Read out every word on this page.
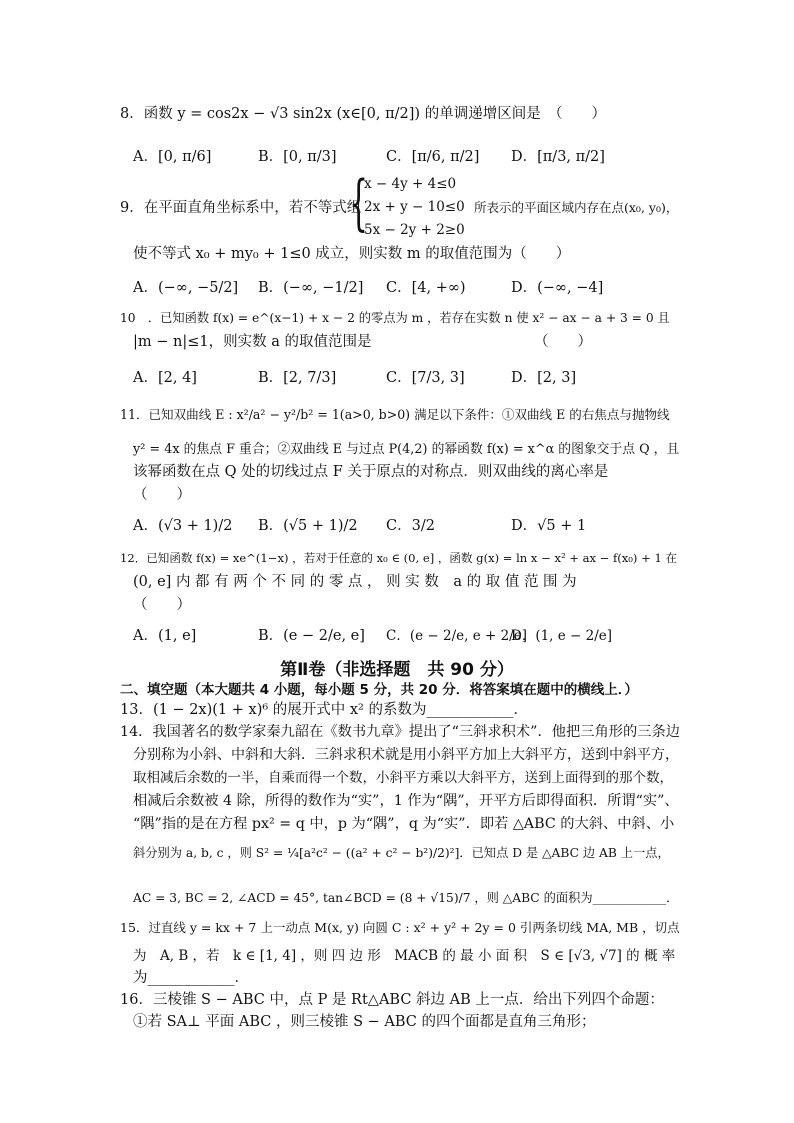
8．函数 y = cos2x − √3 sin2x (x∈[0, π/2]) 的单调递增区间是 （　　）
A．[0, π/6]	B．[0, π/3]	C．[π/6, π/2] D．[π/3, π/2]
9．在平面直角坐标系中，若不等式组
{
x − 4y + 4≤0
2x + y − 10≤0
5x − 2y + 2≥0
所表示的平面区域内存在点(x₀, y₀)，
使不等式 x₀ + my₀ + 1≤0 成立，则实数 m 的取值范围为（　　）
A．(−∞, −5/2] B．(−∞, −1/2] C．[4, +∞)	D．(−∞, −4]
10　．已知函数 f(x) = e^(x−1) + x − 2 的零点为 m ，若存在实数 n 使 x² − ax − a + 3 = 0 且
|m − n|≤1，则实数 a 的取值范围是	（　　）
A．[2, 4]	B．[2, 7/3]	C．[7/3, 3]	D．[2, 3]
11．已知双曲线 E : x²/a² − y²/b² = 1(a>0, b>0) 满足以下条件：①双曲线 E 的右焦点与抛物线
y² = 4x 的焦点 F 重合；②双曲线 E 与过点 P(4,2) 的幂函数 f(x) = x^α 的图象交于点 Q ，且
该幂函数在点 Q 处的切线过点 F 关于原点的对称点．则双曲线的离心率是
（　　）
A．(√3 + 1)/2 B．(√5 + 1)/2 C．3/2	D．√5 + 1
12．已知函数 f(x) = xe^(1−x) ，若对于任意的 x₀ ∈ (0, e] ，函数 g(x) = ln x − x² + ax − f(x₀) + 1 在
(0, e] 内 都 有 两 个 不 同 的 零 点 ， 则 实 数　a 的 取 值 范 围 为
（　　）
A．(1, e]	B．(e − 2/e, e] C．(e − 2/e, e + 2/e]
D．(1, e − 2/e]
第Ⅱ卷（非选择题　共 90 分）
二、填空题（本大题共 4 小题，每小题 5 分，共 20 分．将答案填在题中的横线上．）
13．(1 − 2x)(1 + x)⁶ 的展开式中 x² 的系数为____________．
14．我国著名的数学家秦九韶在《数书九章》提出了“三斜求积术”．他把三角形的三条边
分别称为小斜、中斜和大斜．三斜求积术就是用小斜平方加上大斜平方，送到中斜平方，
取相减后余数的一半，自乘而得一个数，小斜平方乘以大斜平方，送到上面得到的那个数，
相减后余数被 4 除，所得的数作为“实”，1 作为“隅”，开平方后即得面积．所谓“实”、
“隅”指的是在方程 px² = q 中，p 为“隅”，q 为“实”．即若 △ABC 的大斜、中斜、小
斜分别为 a, b, c ，则 S² = ¼[a²c² − ((a² + c² − b²)/2)²]．已知点 D 是 △ABC 边 AB 上一点，
AC = 3, BC = 2, ∠ACD = 45°, tan∠BCD = (8 + √15)/7 ，则 △ABC 的面积为____________．
15．过直线 y = kx + 7 上一动点 M(x, y) 向圆 C : x² + y² + 2y = 0 引两条切线 MA, MB ，切点
为　A, B ，若　k ∈ [1, 4] ，则 四 边 形　MACB 的 最 小 面 积　S ∈ [√3, √7] 的 概 率
为____________．
16．三棱锥 S − ABC 中，点 P 是 Rt△ABC 斜边 AB 上一点．给出下列四个命题：
①若 SA⊥ 平面 ABC ，则三棱锥 S − ABC 的四个面都是直角三角形；
